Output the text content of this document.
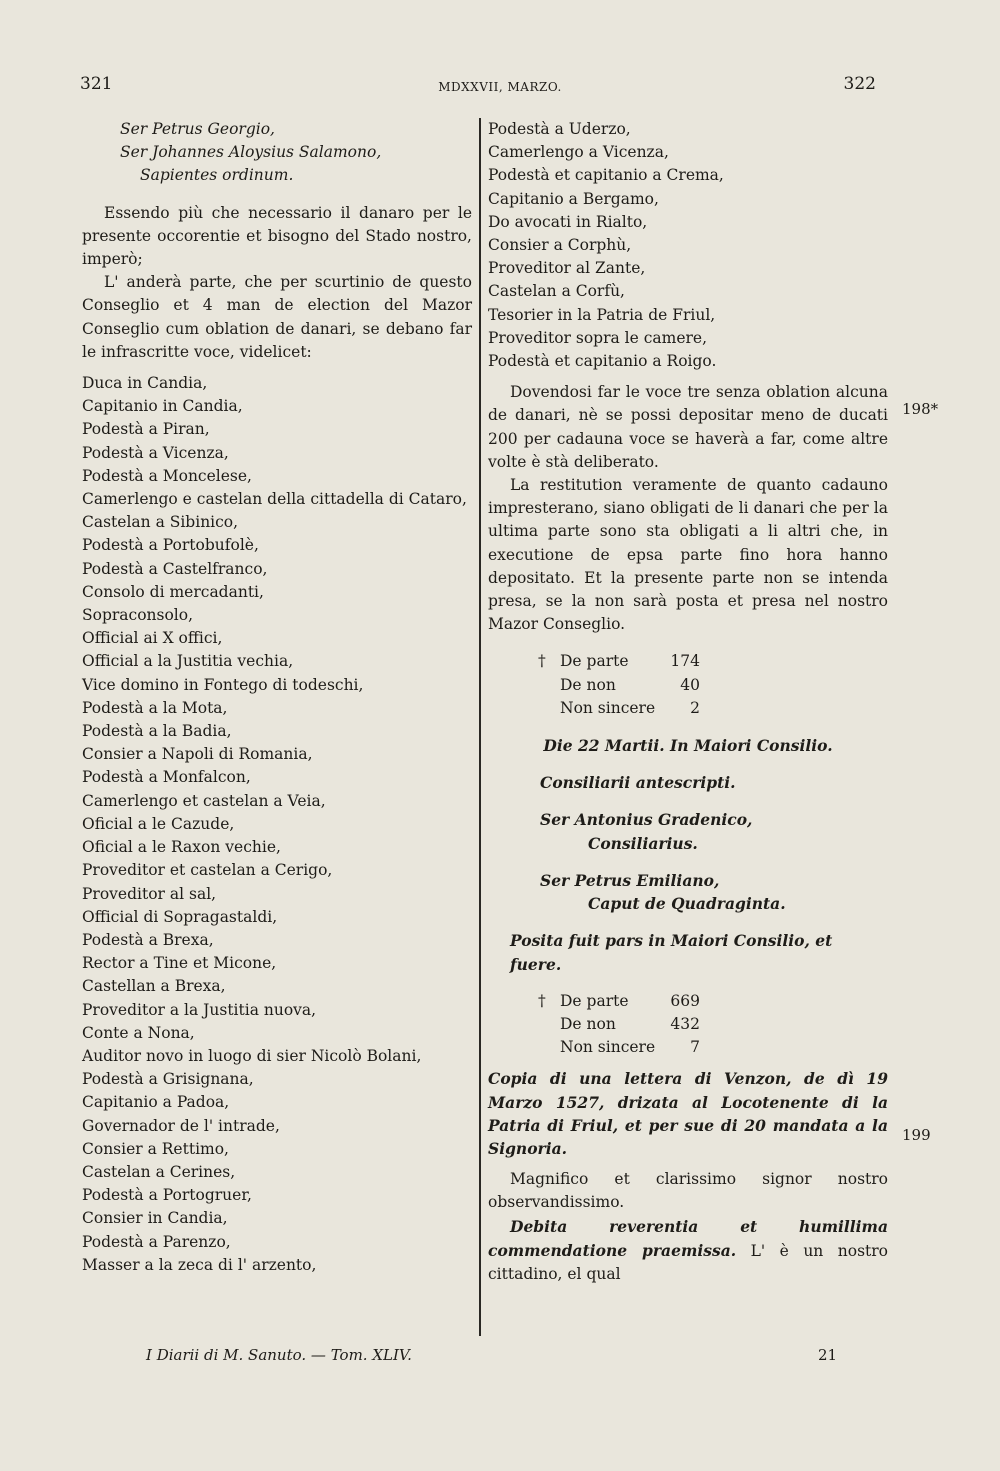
321	MDXXVII, MARZO.	322
Ser Petrus Georgio,
Ser Johannes Aloysius Salamono,
Sapientes ordinum.
Essendo più che necessario il danaro per le presente occorentie et bisogno del Stado nostro, imperò;
L' anderà parte, che per scurtinio de questo Conseglio et 4 man de election del Mazor Conseglio cum oblation de danari, se debano far le infrascritte voce, videlicet:
Duca in Candia,
Capitanio in Candia,
Podestà a Piran,
Podestà a Vicenza,
Podestà a Moncelese,
Camerlengo e castelan della cittadella di Cataro,
Castelan a Sibinico,
Podestà a Portobufolè,
Podestà a Castelfranco,
Consolo di mercadanti,
Sopraconsolo,
Official ai X offici,
Official a la Justitia vechia,
Vice domino in Fontego di todeschi,
Podestà a la Mota,
Podestà a la Badia,
Consier a Napoli di Romania,
Podestà a Monfalcon,
Camerlengo et castelan a Veia,
Oficial a le Cazude,
Oficial a le Raxon vechie,
Proveditor et castelan a Cerigo,
Proveditor al sal,
Official di Sopragastaldi,
Podestà a Brexa,
Rector a Tine et Micone,
Castellan a Brexa,
Proveditor a la Justitia nuova,
Conte a Nona,
Auditor novo in luogo di sier Nicolò Bolani,
Podestà a Grisignana,
Capitanio a Padoa,
Governador de l' intrade,
Consier a Rettimo,
Castelan a Cerines,
Podestà a Portogruer,
Consier in Candia,
Podestà a Parenzo,
Masser a la zeca di l' arzento,
Podestà a Uderzo,
Camerlengo a Vicenza,
Podestà et capitanio a Crema,
Capitanio a Bergamo,
Do avocati in Rialto,
Consier a Corphù,
Proveditor al Zante,
Castelan a Corfù,
Tesorier in la Patria de Friul,
Proveditor sopra le camere,
Podestà et capitanio a Roigo.
Dovendosi far le voce tre senza oblation alcuna de danari, nè se possi depositar meno de ducati 200 per cadauna voce se haverà a far, come altre volte è stà deliberato.
La restitution veramente de quanto cadauno impresterano, siano obligati de li danari che per la ultima parte sono sta obligati a li altri che, in executione de epsa parte fino hora hanno depositato. Et la presente parte non se intenda presa, se la non sarà posta et presa nel nostro Mazor Conseglio.
† De parte	174
De non	40
Non sincere	2
Die 22 Martii. In Maiori Consilio.
Consiliarii antescripti.
Ser Antonius Gradenico,
Consiliarius.
Ser Petrus Emiliano,
Caput de Quadraginta.
Posita fuit pars in Maiori Consilio, et fuere.
† De parte	669
De non	432
Non sincere	7
Copia di una lettera di Venzon, de dì 19 Marzo 1527, drizata al Locotenente di la Patria di Friul, et per sue di 20 mandata a la Signoria.
Magnifico et clarissimo signor nostro observandissimo.
Debita reverentia et humillima commendatione praemissa. L' è un nostro cittadino, el qual
198*
199
I Diarii di M. Sanuto. — Tom. XLIV.	21
